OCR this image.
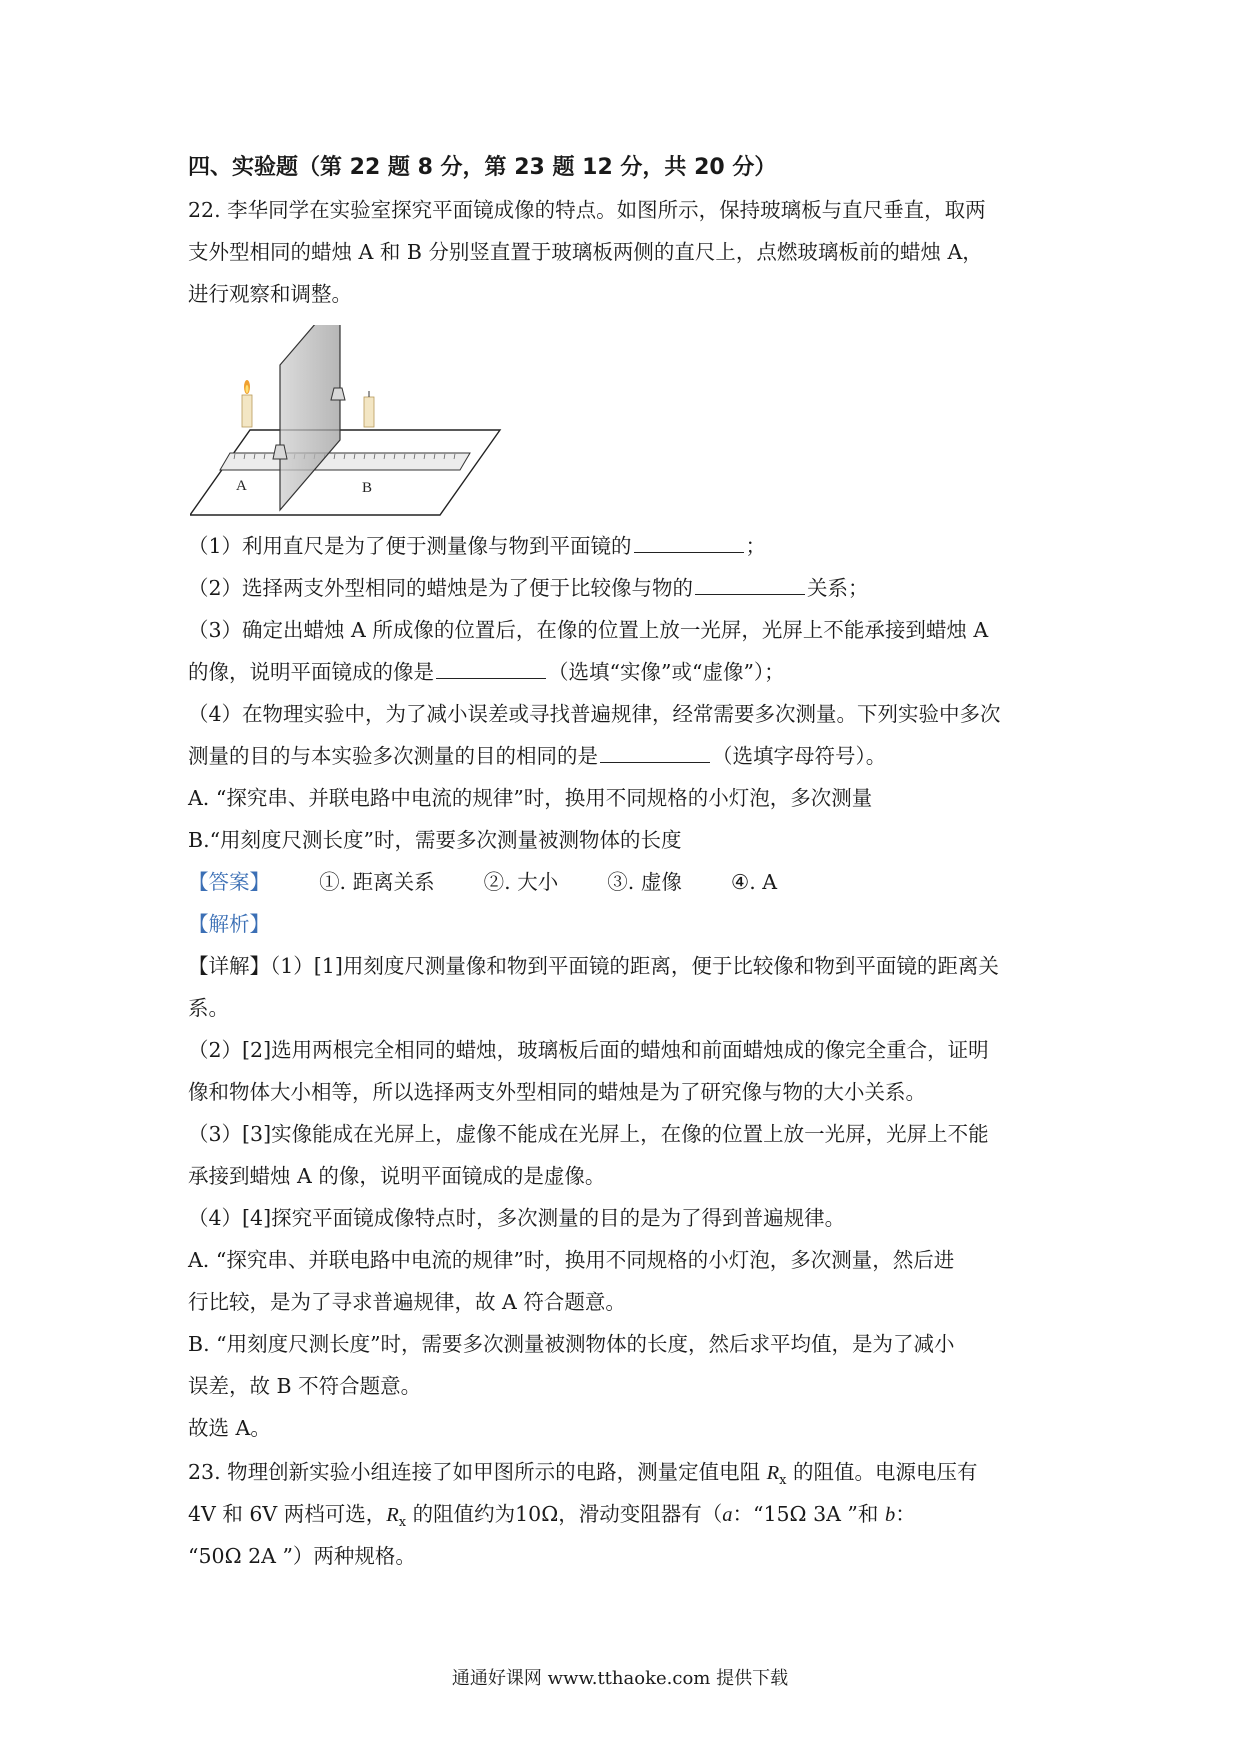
四、实验题（第 22 题 8 分，第 23 题 12 分，共 20 分）
22. 李华同学在实验室探究平面镜成像的特点。如图所示，保持玻璃板与直尺垂直，取两
支外型相同的蜡烛 A 和 B 分别竖直置于玻璃板两侧的直尺上，点燃玻璃板前的蜡烛 A，
进行观察和调整。
A	B
（1）利用直尺是为了便于测量像与物到平面镜的	；
（2）选择两支外型相同的蜡烛是为了便于比较像与物的	关系；
（3）确定出蜡烛 A 所成像的位置后，在像的位置上放一光屏，光屏上不能承接到蜡烛 A
的像，说明平面镜成的像是	（选填“实像”或“虚像”）；
（4）在物理实验中，为了减小误差或寻找普遍规律，经常需要多次测量。下列实验中多次
测量的目的与本实验多次测量的目的相同的是	（选填字母符号）。
A. “探究串、并联电路中电流的规律”时，换用不同规格的小灯泡，多次测量
B.“用刻度尺测长度”时，需要多次测量被测物体的长度
【答案】 ①. 距离关系 ②. 大小 ③. 虚像 ④. A
【解析】
【详解】（1）[1]用刻度尺测量像和物到平面镜的距离，便于比较像和物到平面镜的距离关
系。
（2）[2]选用两根完全相同的蜡烛，玻璃板后面的蜡烛和前面蜡烛成的像完全重合，证明
像和物体大小相等，所以选择两支外型相同的蜡烛是为了研究像与物的大小关系。
（3）[3]实像能成在光屏上，虚像不能成在光屏上，在像的位置上放一光屏，光屏上不能
承接到蜡烛 A 的像，说明平面镜成的是虚像。
（4）[4]探究平面镜成像特点时，多次测量的目的是为了得到普遍规律。
A. “探究串、并联电路中电流的规律”时，换用不同规格的小灯泡，多次测量，然后进
行比较，是为了寻求普遍规律，故 A 符合题意。
B. “用刻度尺测长度”时，需要多次测量被测物体的长度，然后求平均值，是为了减小
误差，故 B 不符合题意。
故选 A。
23. 物理创新实验小组连接了如甲图所示的电路，测量定值电阻 $R_x$ 的阻值。电源电压有
4V 和 6V 两档可选，$R_x$ 的阻值约为10Ω，滑动变阻器有（a：“15Ω 3A ”和 b：
“50Ω 2A ”）两种规格。
通通好课网 www.tthaoke.com 提供下载
